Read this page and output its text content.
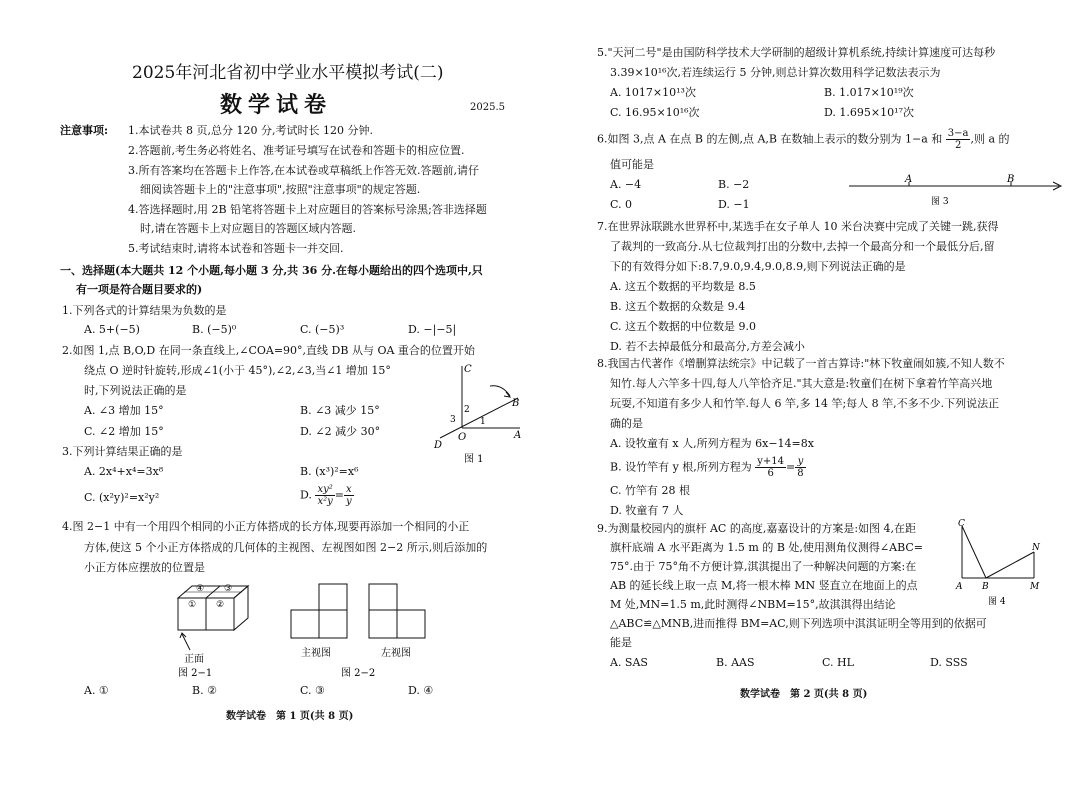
2025年河北省初中学业水平模拟考试(二)
数学试卷	2025.5
注意事项: 1.本试卷共 8 页,总分 120 分,考试时长 120 分钟.
2.答题前,考生务必将姓名、准考证号填写在试卷和答题卡的相应位置.
3.所有答案均在答题卡上作答,在本试卷或草稿纸上作答无效.答题前,请仔
细阅读答题卡上的"注意事项",按照"注意事项"的规定答题.
4.答选择题时,用 2B 铅笔将答题卡上对应题目的答案标号涂黑;答非选择题
时,请在答题卡上对应题目的答题区域内答题.
5.考试结束时,请将本试卷和答题卡一并交回.
一、选择题(本大题共 12 个小题,每小题 3 分,共 36 分.在每小题给出的四个选项中,只
有一项是符合题目要求的)
1.下列各式的计算结果为负数的是
A. 5+(−5)	B. (−5)⁰	C. (−5)³	D. −|−5|
2.如图 1,点 B,O,D 在同一条直线上,∠COA=90°,直线 DB 从与 OA 重合的位置开始
绕点 O 逆时针旋转,形成∠1(小于 45°),∠2,∠3,当∠1 增加 15°
时,下列说法正确的是
A. ∠3 增加 15°	B. ∠3 减少 15°
C. ∠2 增加 15°	D. ∠2 减少 30°
C
B
2
3	1
O	A
D
图 1
3.下列计算结果正确的是
A. 2x⁴+x⁴=3x⁸	B. (x³)²=x⁶
C. (x²y)²=x²y²	D. $\frac{\text{xy²}}{\text{x²y}} = \frac{x}{y}$
4.图 2−1 中有一个用四个相同的小正方体搭成的长方体,现要再添加一个相同的小正
方体,使这 5 个小正方体搭成的几何体的主视图、左视图如图 2−2 所示,则后添加的
小正方体应摆放的位置是
④ ③
① ②
正面
图 2−1
主视图	左视图
图 2−2
A. ①	B. ②	C. ③	D. ④
数学试卷　第 1 页(共 8 页)
5."天河二号"是由国防科学技术大学研制的超级计算机系统,持续计算速度可达每秒
3.39×10¹⁶次,若连续运行 5 分钟,则总计算次数用科学记数法表示为
A. 1017×10¹³次	B. 1.017×10¹⁹次
C. 16.95×10¹⁶次	D. 1.695×10¹⁷次
6.如图 3,点 A 在点 B 的左侧,点 A,B 在数轴上表示的数分别为 1−a 和 $\frac{3-a}{2}$ ,则 a 的
值可能是
A. −4	B. −2
C. 0	D. −1
A	B
图 3
7.在世界泳联跳水世界杯中,某选手在女子单人 10 米台决赛中完成了关键一跳,获得
了裁判的一致高分.从七位裁判打出的分数中,去掉一个最高分和一个最低分后,留
下的有效得分如下:8.7,9.0,9.4,9.0,8.9,则下列说法正确的是
A. 这五个数据的平均数是 8.5
B. 这五个数据的众数是 9.4
C. 这五个数据的中位数是 9.0
D. 若不去掉最低分和最高分,方差会减小
8.我国古代著作《增删算法统宗》中记载了一首古算诗:"林下牧童闹如簇,不知人数不
知竹.每人六竿多十四,每人八竿恰齐足."其大意是:牧童们在树下拿着竹竿高兴地
玩耍,不知道有多少人和竹竿.每人 6 竿,多 14 竿;每人 8 竿,不多不少.下列说法正
确的是
A. 设牧童有 x 人,所列方程为 6x−14=8x
B. 设竹竿有 y 根,所列方程为 $\frac{y+14}{6} = \frac{y}{8}$
C. 竹竿有 28 根
D. 牧童有 7 人
9.为测量校园内的旗杆 AC 的高度,嘉嘉设计的方案是:如图 4,在距
旗杆底端 A 水平距离为 1.5 m 的 B 处,使用测角仪测得∠ABC=
75°.由于 75°角不方便计算,淇淇提出了一种解决问题的方案:在
AB 的延长线上取一点 M,将一根木棒 MN 竖直立在地面上的点
M 处,MN=1.5 m,此时测得∠NBM=15°,故淇淇得出结论
△ABC≌△MNB,进而推得 BM=AC,则下列选项中淇淇证明全等用到的依据可
能是
A. SAS	B. AAS	C. HL	D. SSS
C
N
A B	M
图 4
数学试卷　第 2 页(共 8 页)
